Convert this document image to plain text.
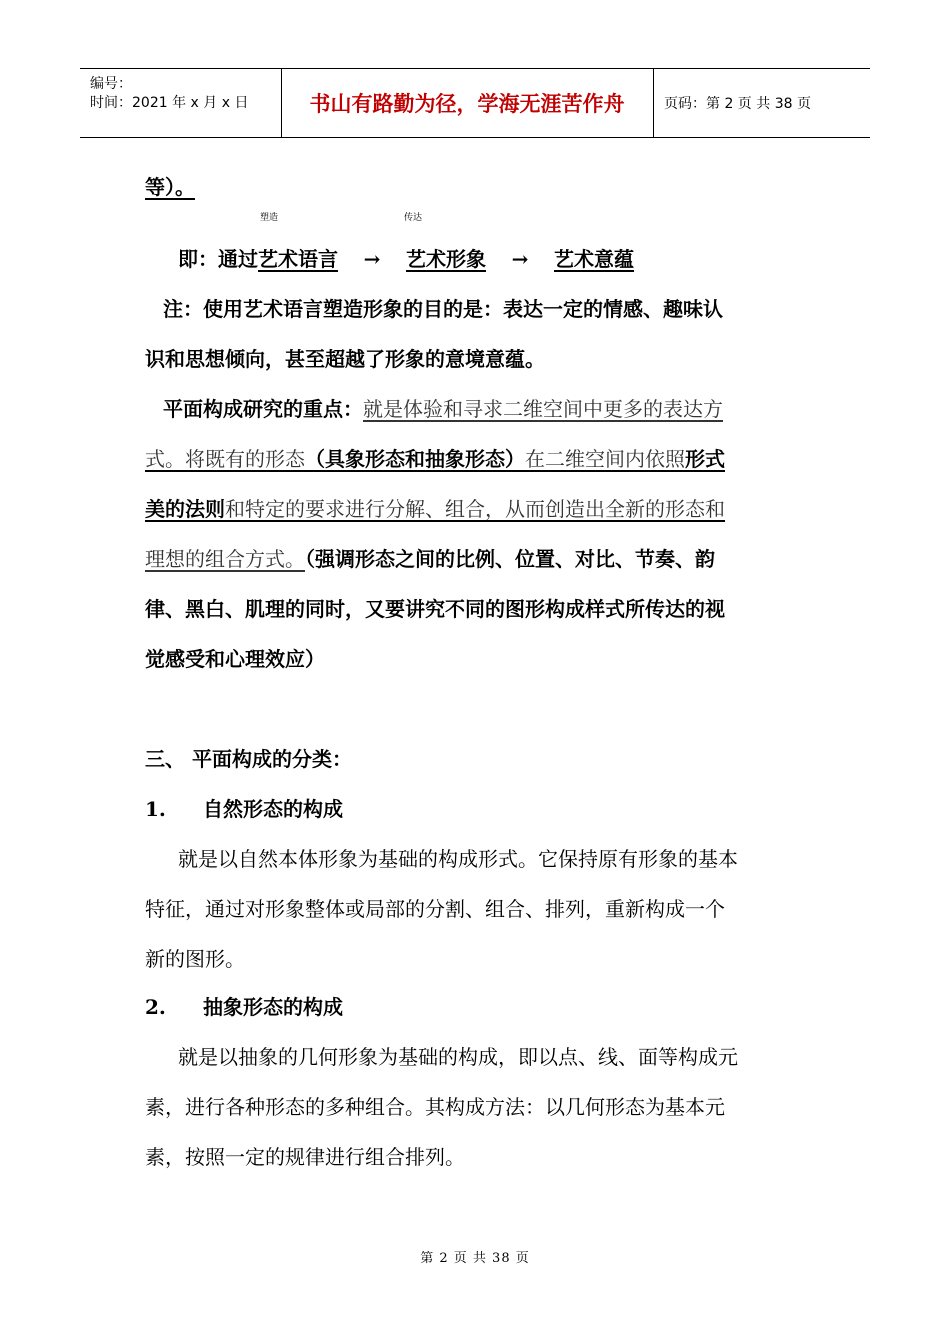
编号：
时间：2021 年 x 月 x 日	书山有路勤为径，学海无涯苦作舟	页码：第 2 页 共 38 页
等）。
塑造	传达
即：通过艺术语言 → 艺术形象 → 艺术意蕴
注：使用艺术语言塑造形象的目的是：表达一定的情感、趣味认
识和思想倾向，甚至超越了形象的意境意蕴。
平面构成研究的重点：就是体验和寻求二维空间中更多的表达方
式。将既有的形态（具象形态和抽象形态）在二维空间内依照形式
美的法则和特定的要求进行分解、组合，从而创造出全新的形态和
理想的组合方式。（强调形态之间的比例、位置、对比、节奏、韵
律、黑白、肌理的同时，又要讲究不同的图形构成样式所传达的视
觉感受和心理效应）
三、 平面构成的分类：
1. 自然形态的构成
就是以自然本体形象为基础的构成形式。它保持原有形象的基本
特征，通过对形象整体或局部的分割、组合、排列，重新构成一个
新的图形。
2. 抽象形态的构成
就是以抽象的几何形象为基础的构成，即以点、线、面等构成元
素，进行各种形态的多种组合。其构成方法：以几何形态为基本元
素，按照一定的规律进行组合排列。
第 2 页 共 38 页
